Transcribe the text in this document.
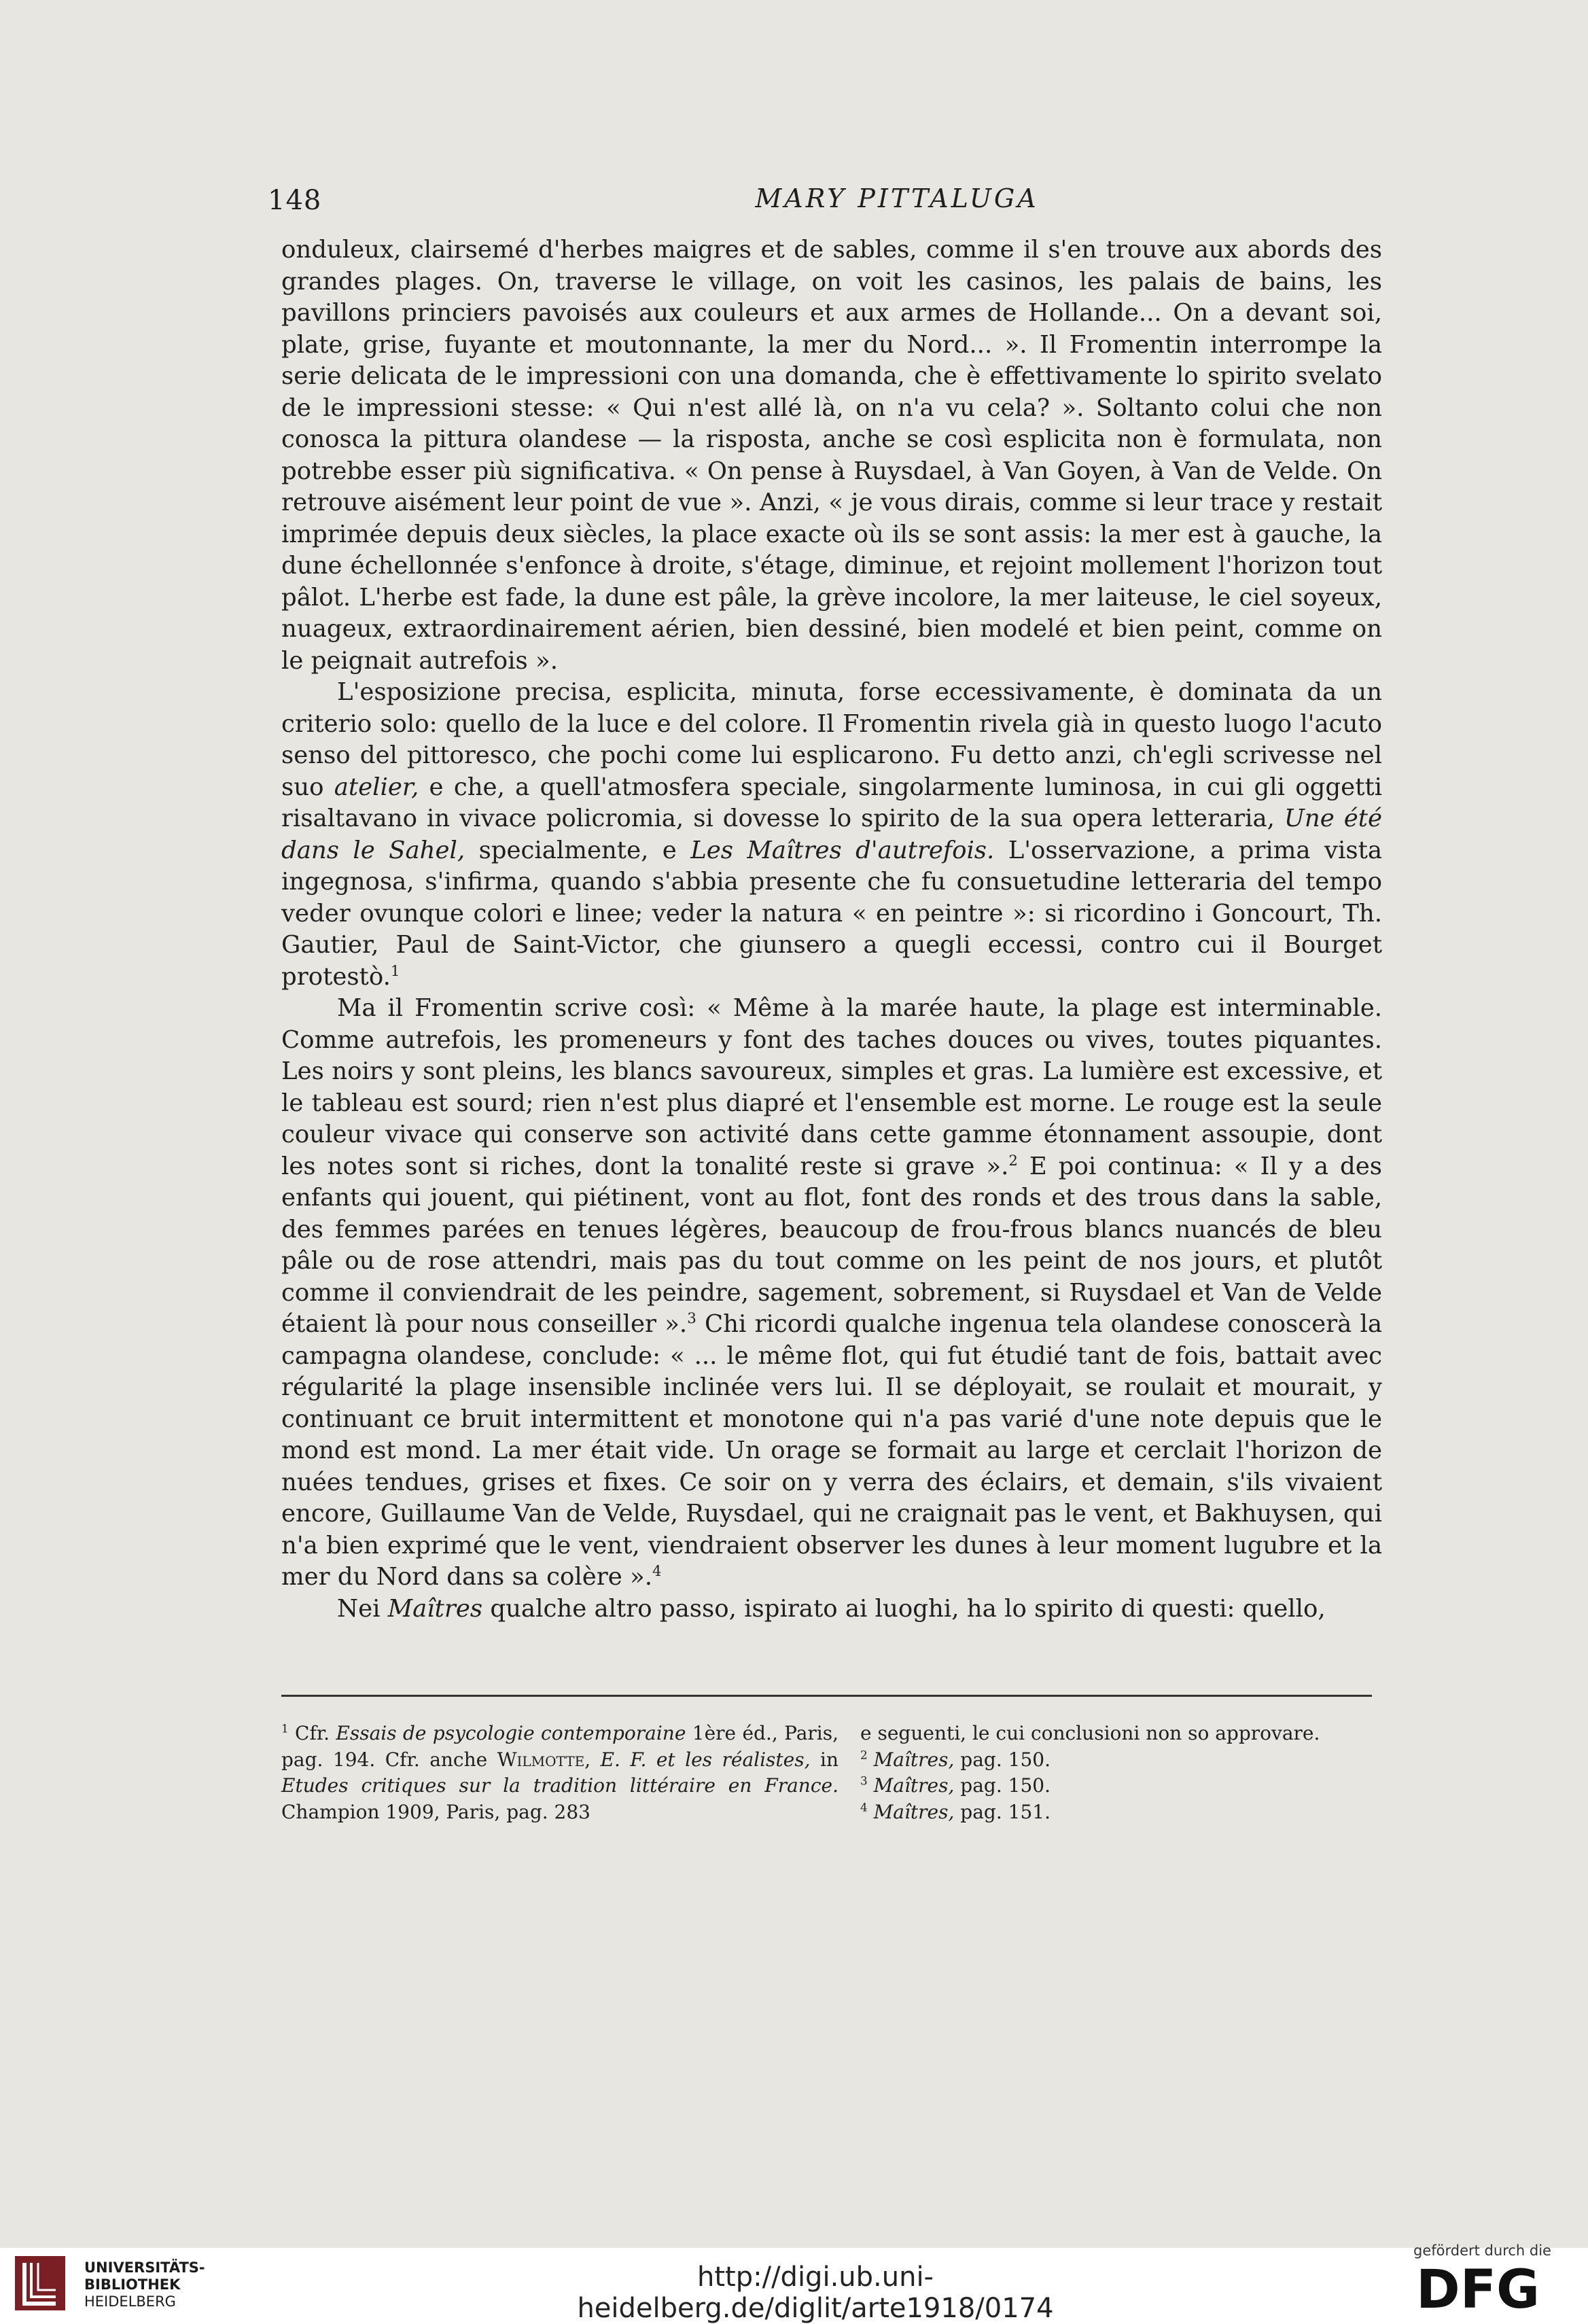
148	MARY PITTALUGA

onduleux, clairsemé d'herbes maigres et de sables, comme il s'en trouve aux abords des grandes plages. On, traverse le village, on voit les casinos, les palais de bains, les pavillons princiers pavoisés aux couleurs et aux armes de Hollande... On a devant soi, plate, grise, fuyante et moutonnante, la mer du Nord... ». Il Fromentin interrompe la serie delicata de le impressioni con una domanda, che è effettivamente lo spirito svelato de le impressioni stesse: « Qui n'est allé là, on n'a vu cela? ». Soltanto colui che non conosca la pittura olandese — la risposta, anche se così esplicita non è formulata, non potrebbe esser più significativa. « On pense à Ruysdael, à Van Goyen, à Van de Velde. On retrouve aisément leur point de vue ». Anzi, « je vous dirais, comme si leur trace y restait imprimée depuis deux siècles, la place exacte où ils se sont assis: la mer est à gauche, la dune échellonnée s'enfonce à droite, s'étage, diminue, et rejoint mollement l'horizon tout pâlot. L'herbe est fade, la dune est pâle, la grève incolore, la mer laiteuse, le ciel soyeux, nuageux, extraordinairement aérien, bien dessiné, bien modelé et bien peint, comme on le peignait autrefois ».

L'esposizione precisa, esplicita, minuta, forse eccessivamente, è dominata da un criterio solo: quello de la luce e del colore. Il Fromentin rivela già in questo luogo l'acuto senso del pittoresco, che pochi come lui esplicarono. Fu detto anzi, ch'egli scrivesse nel suo atelier, e che, a quell'atmosfera speciale, singolarmente luminosa, in cui gli oggetti risaltavano in vivace policromia, si dovesse lo spirito de la sua opera letteraria, Une été dans le Sahel, specialmente, e Les Maîtres d'autrefois. L'osservazione, a prima vista ingegnosa, s'infirma, quando s'abbia presente che fu consuetudine letteraria del tempo veder ovunque colori e linee; veder la natura « en peintre »: si ricordino i Goncourt, Th. Gautier, Paul de Saint-Victor, che giunsero a quegli eccessi, contro cui il Bourget protestò.$^1$

Ma il Fromentin scrive così: « Même à la marée haute, la plage est interminable. Comme autrefois, les promeneurs y font des taches douces ou vives, toutes piquantes. Les noirs y sont pleins, les blancs savoureux, simples et gras. La lumière est excessive, et le tableau est sourd; rien n'est plus diapré et l'ensemble est morne. Le rouge est la seule couleur vivace qui conserve son activité dans cette gamme étonnament assoupie, dont les notes sont si riches, dont la tonalité reste si grave ».$^2$ E poi continua: « Il y a des enfants qui jouent, qui piétinent, vont au flot, font des ronds et des trous dans la sable, des femmes parées en tenues légères, beaucoup de frou-frous blancs nuancés de bleu pâle ou de rose attendri, mais pas du tout comme on les peint de nos jours, et plutôt comme il conviendrait de les peindre, sagement, sobrement, si Ruysdael et Van de Velde étaient là pour nous conseiller ».$^3$ Chi ricordi qualche ingenua tela olandese conoscerà la campagna olandese, conclude: « ... le même flot, qui fut étudié tant de fois, battait avec régularité la plage insensible inclinée vers lui. Il se déployait, se roulait et mourait, y continuant ce bruit intermittent et monotone qui n'a pas varié d'une note depuis que le mond est mond. La mer était vide. Un orage se formait au large et cerclait l'horizon de nuées tendues, grises et fixes. Ce soir on y verra des éclairs, et demain, s'ils vivaient encore, Guillaume Van de Velde, Ruysdael, qui ne craignait pas le vent, et Bakhuysen, qui n'a bien exprimé que le vent, viendraient observer les dunes à leur moment lugubre et la mer du Nord dans sa colère ».$^4$

Nei Maîtres qualche altro passo, ispirato ai luoghi, ha lo spirito di questi: quello,

$^1$ Cfr. Essais de psycologie contemporaine 1ère éd., Paris, pag. 194. Cfr. anche Wilmotte, E. F. et les réalistes, in Etudes critiques sur la tradition littéraire en France. Champion 1909, Paris, pag. 283

e seguenti, le cui conclusioni non so approvare.

$^2$ Maîtres, pag. 150.

$^3$ Maîtres, pag. 150.

$^4$ Maîtres, pag. 151.

UNIVERSITÄTS-
BIBLIOTHEK
HEIDELBERG
http://digi.ub.uni-heidelberg.de/diglit/arte1918/0174
gefördert durch die
DFG
